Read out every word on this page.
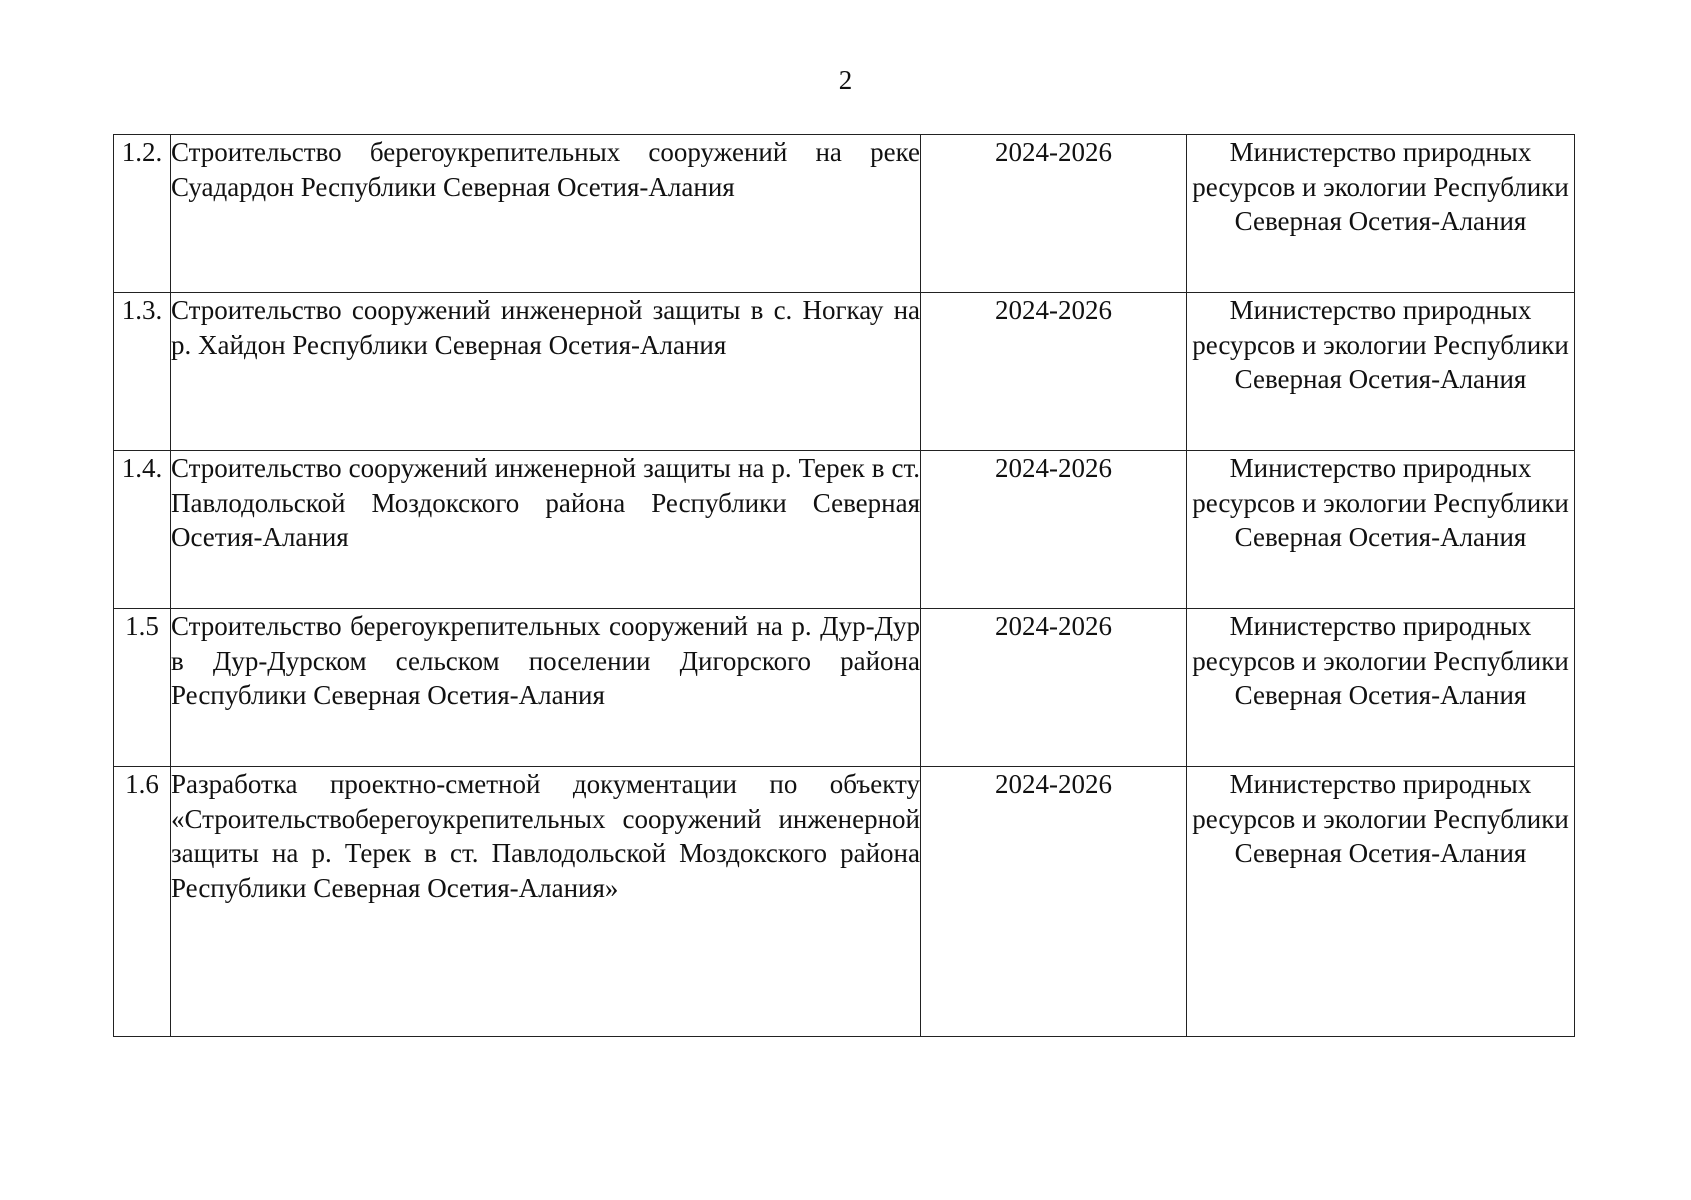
2
1.2.	Строительство берегоукрепительных сооружений на реке Суадардон Республики Северная Осетия-Алания	2024-2026	Министерство природных ресурсов и экологии Республики Северная Осетия-Алания
1.3.	Строительство сооружений инженерной защиты в с. Ногкау на р. Хайдон Республики Северная Осетия-Алания	2024-2026	Министерство природных ресурсов и экологии Республики Северная Осетия-Алания
1.4.	Строительство сооружений инженерной защиты на р. Терек в ст. Павлодольской Моздокского района Республики Северная Осетия-Алания	2024-2026	Министерство природных ресурсов и экологии Республики Северная Осетия-Алания
1.5	Строительство берегоукрепительных сооружений на р. Дур-Дур в Дур-Дурском сельском поселении Дигорского района Республики Северная Осетия-Алания	2024-2026	Министерство природных ресурсов и экологии Республики Северная Осетия-Алания
1.6	Разработка проектно-сметной документации по объекту «Строительствоберегоукрепительных сооружений инженерной защиты на р. Терек в ст. Павлодольской Моздокского района Республики Северная Осетия-Алания»	2024-2026	Министерство природных ресурсов и экологии Республики Северная Осетия-Алания
